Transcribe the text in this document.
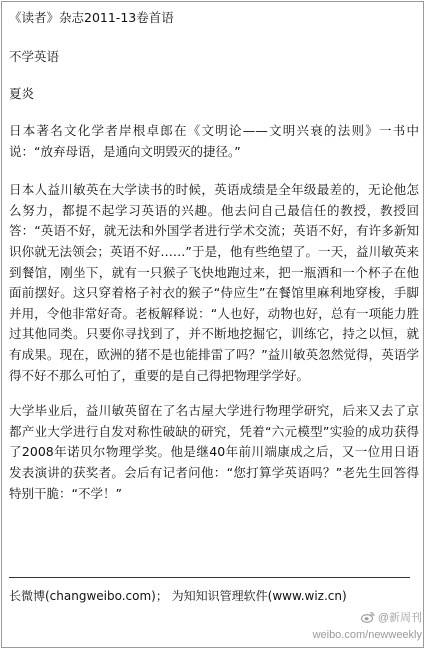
《读者》杂志2011-13卷首语
不学英语
夏炎

日本著名文化学者岸根卓郎在《文明论——文明兴衰的法则》一书中说：“放弃母语，是通向文明毁灭的捷径。”

日本人益川敏英在大学读书的时候，英语成绩是全年级最差的，无论他怎么努力，都提不起学习英语的兴趣。他去问自己最信任的教授，教授回答：“英语不好，就无法和外国学者进行学术交流；英语不好，有许多新知识你就无法领会；英语不好……”于是，他有些绝望了。一天，益川敏英来到餐馆，刚坐下，就有一只猴子飞快地跑过来，把一瓶酒和一个杯子在他面前摆好。这只穿着格子衬衣的猴子“侍应生”在餐馆里麻利地穿梭，手脚并用，令他非常好奇。老板解释说：“人也好，动物也好，总有一项能力胜过其他同类。只要你寻找到了，并不断地挖掘它，训练它，持之以恒，就有成果。现在，欧洲的猪不是也能排雷了吗？”益川敏英忽然觉得，英语学得不好不那么可怕了，重要的是自己得把物理学学好。

大学毕业后，益川敏英留在了名古屋大学进行物理学研究，后来又去了京都产业大学进行自发对称性破缺的研究，凭着“六元模型”实验的成功获得了2008年诺贝尔物理学奖。他是继40年前川端康成之后，又一位用日语发表演讲的获奖者。会后有记者问他：“您打算学英语吗？”老先生回答得特别干脆：“不学！”

长微博(changweibo.com)； 为知知识管理软件(www.wiz.cn)
@新周刊
weibo.com/newweekly
